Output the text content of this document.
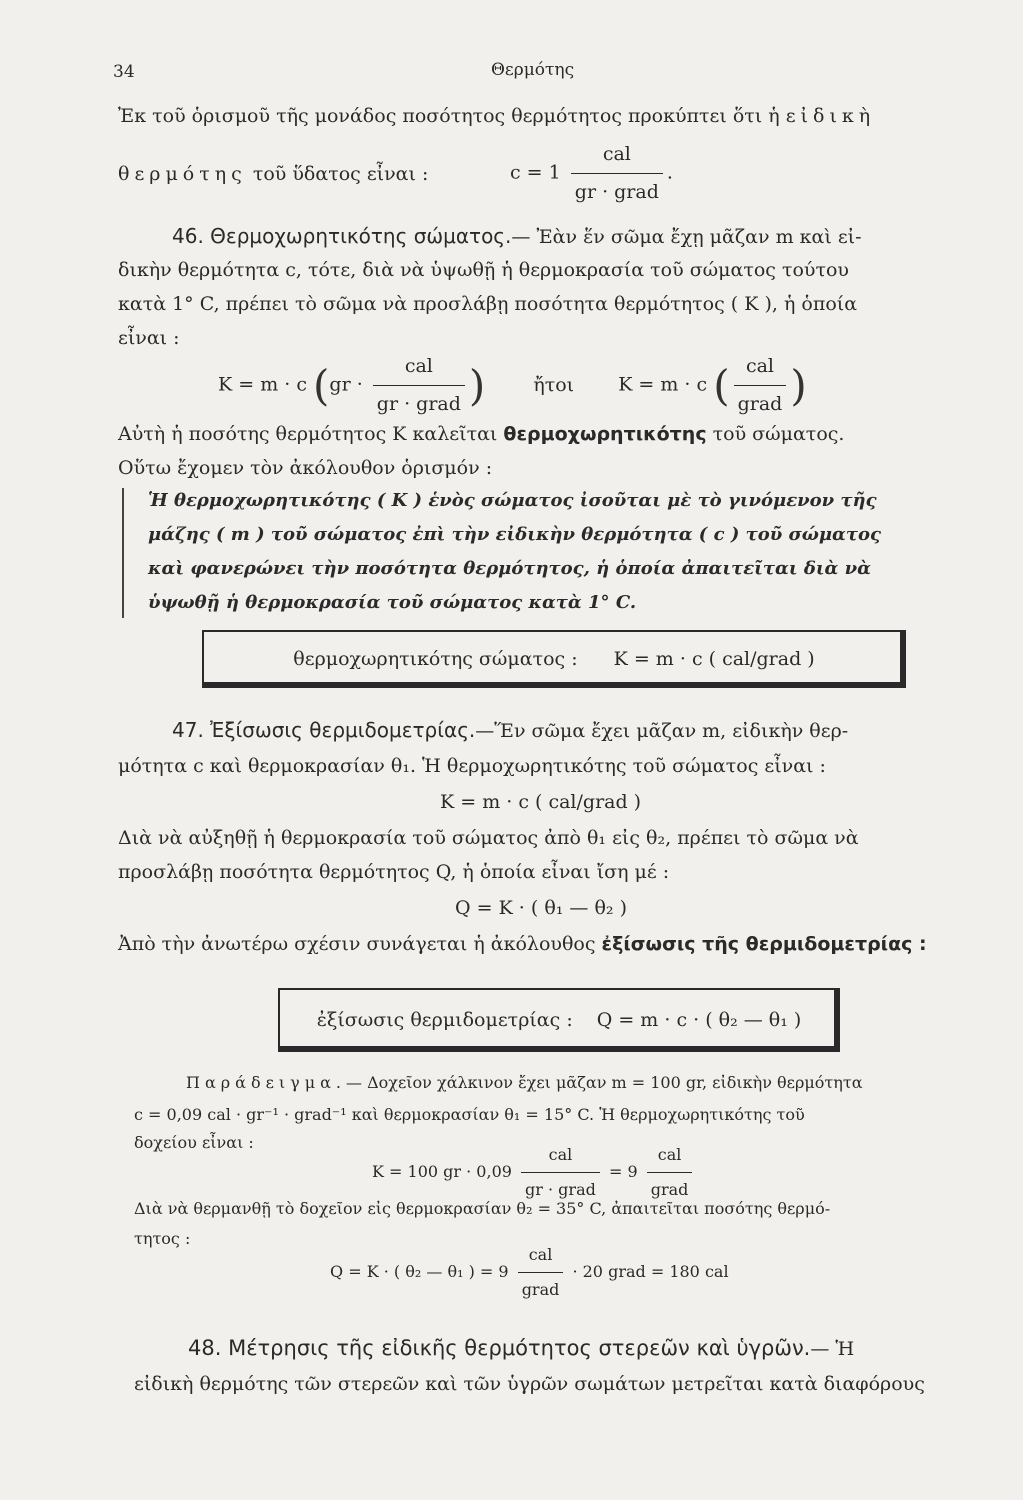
34	Θερμότης
Ἐκ τοῦ ὁρισμοῦ τῆς μονάδος ποσότητος θερμότητος προκύπτει ὅτι ἡ εἰδικὴ
θερμότης τοῦ ὕδατος εἶναι :	$c = 1 \frac{\text{cal}}{\text{gr · grad}}$ .
46. Θερμοχωρητικότης σώματος.— Ἐὰν ἕν σῶμα ἔχῃ μᾶζαν m καὶ εἰ-
δικὴν θερμότητα c, τότε, διὰ νὰ ὑψωθῇ ἡ θερμοκρασία τοῦ σώματος τούτου
κατὰ 1° C, πρέπει τὸ σῶμα νὰ προσλάβῃ ποσότητα θερμότητος ( K ), ἡ ὁποία
εἶναι :
K = m · c ($gr \cdot \frac{\text{cal}}{\text{gr · grad}}$ )	ἤτοι K = m · c ( $\frac{\text{cal}}{\text{grad}}$ )
Αὐτὴ ἡ ποσότης θερμότητος K καλεῖται θερμοχωρητικότης τοῦ σώματος.
Οὕτω ἔχομεν τὸν ἀκόλουθον ὁρισμόν :
Ἡ θερμοχωρητικότης ( K ) ἑνὸς σώματος ἰσοῦται μὲ τὸ γινόμενον τῆς
μάζης ( m ) τοῦ σώματος ἐπὶ τὴν εἰδικὴν θερμότητα ( c ) τοῦ σώματος
καὶ φανερώνει τὴν ποσότητα θερμότητος, ἡ ὁποία ἀπαιτεῖται διὰ νὰ
ὑψωθῇ ἡ θερμοκρασία τοῦ σώματος κατὰ 1° C.
θερμοχωρητικότης σώματος : K = m · c ( cal/grad )
47. Ἐξίσωσις θερμιδομετρίας.—Ἕν σῶμα ἔχει μᾶζαν m, εἰδικὴν θερ-
μότητα c καὶ θερμοκρασίαν θ₁. Ἡ θερμοχωρητικότης τοῦ σώματος εἶναι :
K = m · c ( cal/grad )
Διὰ νὰ αὐξηθῇ ἡ θερμοκρασία τοῦ σώματος ἀπὸ θ₁ εἰς θ₂, πρέπει τὸ σῶμα νὰ
προσλάβῃ ποσότητα θερμότητος Q, ἡ ὁποία εἶναι ἴση μέ :
Q = K · ( θ₁ — θ₂ )
Ἀπὸ τὴν ἀνωτέρω σχέσιν συνάγεται ἡ ἀκόλουθος ἐξίσωσις τῆς θερμιδομετρίας :
ἐξίσωσις θερμιδομετρίας : Q = m · c · ( θ₂ — θ₁ )
Παράδειγμα.— Δοχεῖον χάλκινον ἔχει μᾶζαν m = 100 gr, εἰδικὴν θερμότητα
c = 0,09 cal · gr⁻¹ · grad⁻¹ καὶ θερμοκρασίαν θ₁ = 15° C. Ἡ θερμοχωρητικότης τοῦ
δοχείου εἶναι :
K = 100 gr · $0,09 \frac{\text{cal}}{\text{gr · grad}} = 9 \frac{\text{cal}}{\text{grad}}$
Διὰ νὰ θερμανθῇ τὸ δοχεῖον εἰς θερμοκρασίαν θ₂ = 35° C, ἀπαιτεῖται ποσότης θερμό-
τητος :
Q = K · ( θ₂ — θ₁ ) = $9 \frac{\text{cal}}{\text{grad}} \cdot 20$ grad = 180 cal
48. Μέτρησις τῆς εἰδικῆς θερμότητος στερεῶν καὶ ὑγρῶν.— Ἡ
εἰδικὴ θερμότης τῶν στερεῶν καὶ τῶν ὑγρῶν σωμάτων μετρεῖται κατὰ διαφόρους
